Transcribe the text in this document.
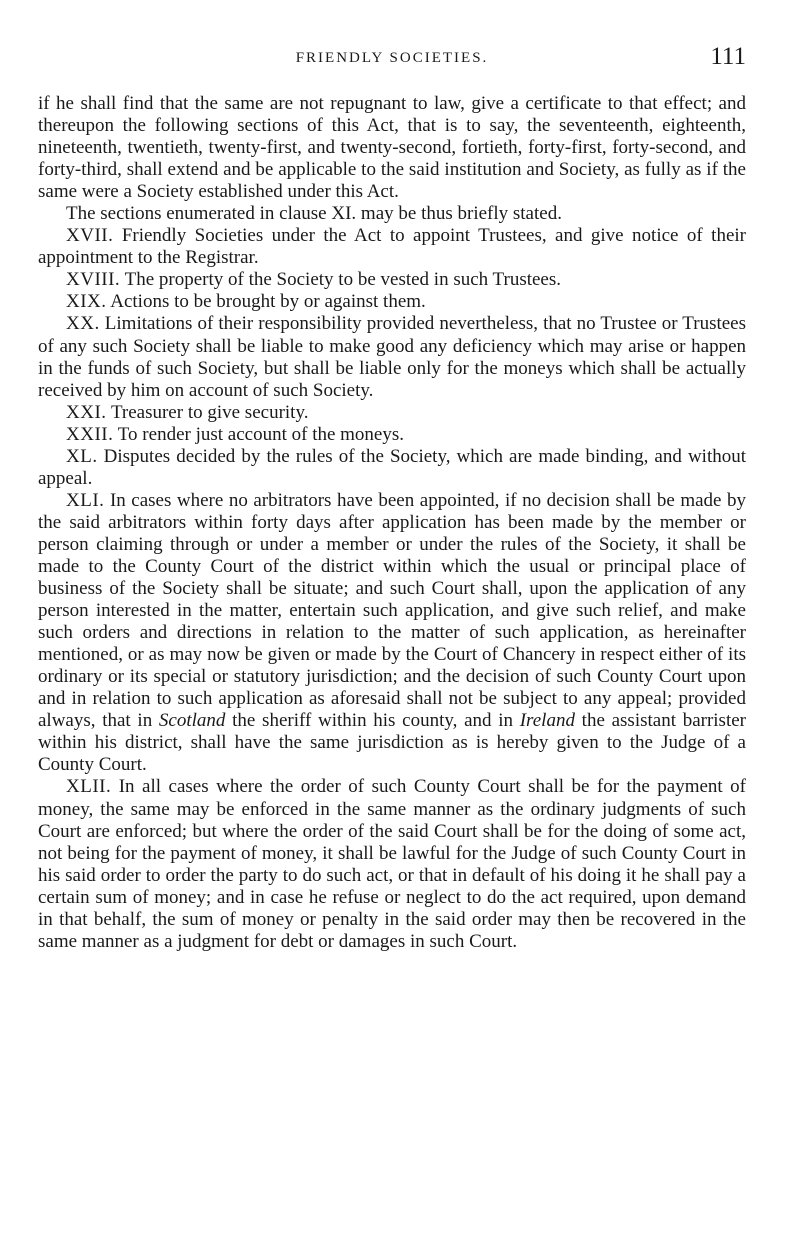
FRIENDLY SOCIETIES.	111

if he shall find that the same are not repugnant to law, give a certificate to that effect; and thereupon the following sections of this Act, that is to say, the seventeenth, eighteenth, nineteenth, twentieth, twenty-first, and twenty-second, fortieth, forty-first, forty-second, and forty-third, shall extend and be applicable to the said institution and Society, as fully as if the same were a Society established under this Act.

The sections enumerated in clause XI. may be thus briefly stated.

XVII. Friendly Societies under the Act to appoint Trustees, and give notice of their appointment to the Registrar.

XVIII. The property of the Society to be vested in such Trustees.

XIX. Actions to be brought by or against them.

XX. Limitations of their responsibility provided nevertheless, that no Trustee or Trustees of any such Society shall be liable to make good any deficiency which may arise or happen in the funds of such Society, but shall be liable only for the moneys which shall be actually received by him on account of such Society.

XXI. Treasurer to give security.

XXII. To render just account of the moneys.

XL. Disputes decided by the rules of the Society, which are made binding, and without appeal.

XLI. In cases where no arbitrators have been appointed, if no decision shall be made by the said arbitrators within forty days after application has been made by the member or person claiming through or under a member or under the rules of the Society, it shall be made to the County Court of the district within which the usual or principal place of business of the Society shall be situate; and such Court shall, upon the application of any person interested in the matter, entertain such application, and give such relief, and make such orders and directions in relation to the matter of such application, as hereinafter mentioned, or as may now be given or made by the Court of Chancery in respect either of its ordinary or its special or statutory jurisdiction; and the decision of such County Court upon and in relation to such application as aforesaid shall not be subject to any appeal; provided always, that in Scotland the sheriff within his county, and in Ireland the assistant barrister within his district, shall have the same jurisdiction as is hereby given to the Judge of a County Court.

XLII. In all cases where the order of such County Court shall be for the payment of money, the same may be enforced in the same manner as the ordinary judgments of such Court are enforced; but where the order of the said Court shall be for the doing of some act, not being for the payment of money, it shall be lawful for the Judge of such County Court in his said order to order the party to do such act, or that in default of his doing it he shall pay a certain sum of money; and in case he refuse or neglect to do the act required, upon demand in that behalf, the sum of money or penalty in the said order may then be recovered in the same manner as a judgment for debt or damages in such Court.
